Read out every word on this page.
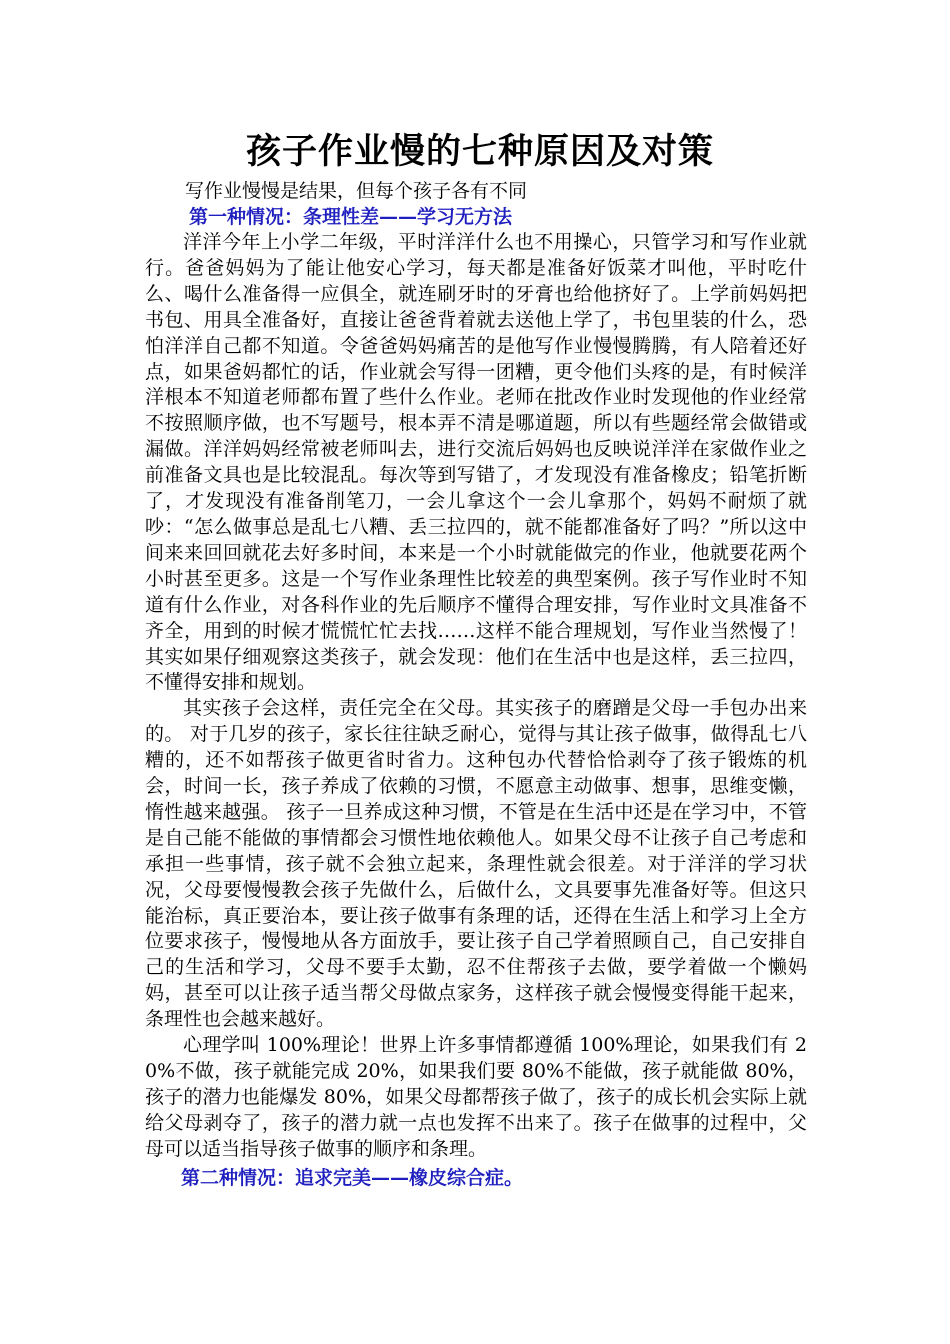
孩子作业慢的七种原因及对策

写作业慢慢是结果，但每个孩子各有不同

第一种情况：条理性差——学习无方法

洋洋今年上小学二年级，平时洋洋什么也不用操心，只管学习和写作业就行。爸爸妈妈为了能让他安心学习，每天都是准备好饭菜才叫他，平时吃什么、喝什么准备得一应俱全，就连刷牙时的牙膏也给他挤好了。上学前妈妈把书包、用具全准备好，直接让爸爸背着就去送他上学了，书包里装的什么，恐怕洋洋自己都不知道。令爸爸妈妈痛苦的是他写作业慢慢腾腾，有人陪着还好点，如果爸妈都忙的话，作业就会写得一团糟，更令他们头疼的是，有时候洋洋根本不知道老师都布置了些什么作业。老师在批改作业时发现他的作业经常不按照顺序做，也不写题号，根本弄不清是哪道题，所以有些题经常会做错或漏做。洋洋妈妈经常被老师叫去，进行交流后妈妈也反映说洋洋在家做作业之前准备文具也是比较混乱。每次等到写错了，才发现没有准备橡皮；铅笔折断了，才发现没有准备削笔刀，一会儿拿这个一会儿拿那个，妈妈不耐烦了就吵：“怎么做事总是乱七八糟、丢三拉四的，就不能都准备好了吗？”所以这中间来来回回就花去好多时间，本来是一个小时就能做完的作业，他就要花两个小时甚至更多。这是一个写作业条理性比较差的典型案例。孩子写作业时不知道有什么作业，对各科作业的先后顺序不懂得合理安排，写作业时文具准备不齐全，用到的时候才慌慌忙忙去找……这样不能合理规划，写作业当然慢了！其实如果仔细观察这类孩子，就会发现：他们在生活中也是这样，丢三拉四，不懂得安排和规划。

其实孩子会这样，责任完全在父母。其实孩子的磨蹭是父母一手包办出来的。 对于几岁的孩子，家长往往缺乏耐心，觉得与其让孩子做事，做得乱七八糟的，还不如帮孩子做更省时省力。这种包办代替恰恰剥夺了孩子锻炼的机会，时间一长，孩子养成了依赖的习惯，不愿意主动做事、想事，思维变懒，惰性越来越强。 孩子一旦养成这种习惯，不管是在生活中还是在学习中，不管是自己能不能做的事情都会习惯性地依赖他人。如果父母不让孩子自己考虑和承担一些事情，孩子就不会独立起来，条理性就会很差。对于洋洋的学习状况，父母要慢慢教会孩子先做什么，后做什么，文具要事先准备好等。但这只能治标，真正要治本，要让孩子做事有条理的话，还得在生活上和学习上全方位要求孩子，慢慢地从各方面放手，要让孩子自己学着照顾自己，自己安排自己的生活和学习，父母不要手太勤，忍不住帮孩子去做，要学着做一个懒妈妈，甚至可以让孩子适当帮父母做点家务，这样孩子就会慢慢变得能干起来，条理性也会越来越好。

心理学叫 100%理论！世界上许多事情都遵循 100%理论，如果我们有 20%不做，孩子就能完成 20%，如果我们要 80%不能做，孩子就能做 80%，孩子的潜力也能爆发 80%，如果父母都帮孩子做了，孩子的成长机会实际上就给父母剥夺了，孩子的潜力就一点也发挥不出来了。孩子在做事的过程中，父母可以适当指导孩子做事的顺序和条理。

第二种情况：追求完美——橡皮综合症。
